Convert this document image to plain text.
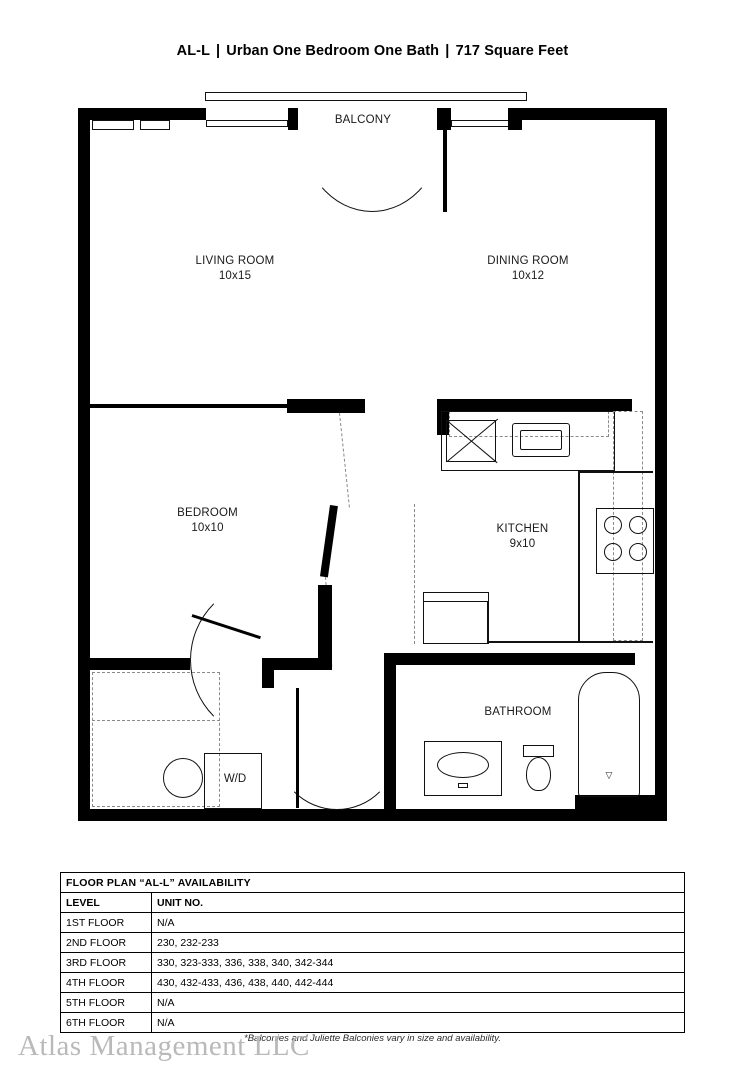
AL-L | Urban One Bedroom One Bath | 717 Square Feet
BALCONY
LIVING ROOM
10x15
DINING ROOM
10x12
BEDROOM
10x10	KITCHEN
9x10
BATHROOM
W/D	▽
FLOOR PLAN “AL-L” AVAILABILITY	
LEVEL	UNIT NO.
1ST FLOOR	N/A
2ND FLOOR	230, 232-233
3RD FLOOR	330, 323-333, 336, 338, 340, 342-344
4TH FLOOR	430, 432-433, 436, 438, 440, 442-444
5TH FLOOR	N/A
6TH FLOOR	N/A
*Balconies and Juliette Balconies vary in size and availability.
Atlas Management LLC
